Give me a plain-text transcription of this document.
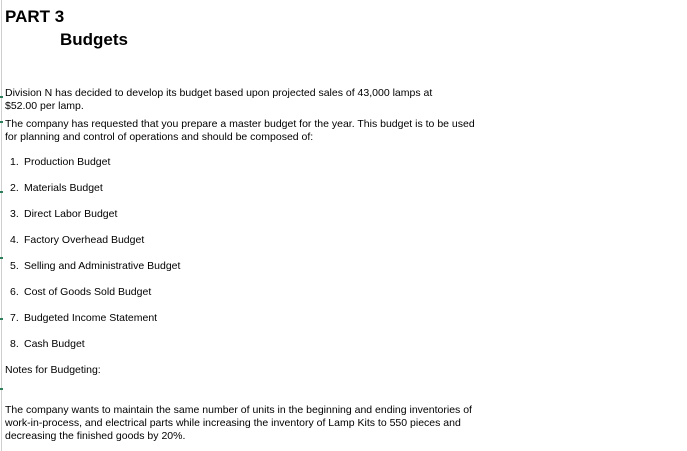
PART 3
Budgets

Division N has decided to develop its budget based upon projected sales of 43,000 lamps at

$52.00 per lamp.

The company has requested that you prepare a master budget for the year. This budget is to be used

for planning and control of operations and should be composed of:

1. Production Budget
2. Materials Budget
3. Direct Labor Budget
4. Factory Overhead Budget
5. Selling and Administrative Budget
6. Cost of Goods Sold Budget
7. Budgeted Income Statement
8. Cash Budget

Notes for Budgeting:

The company wants to maintain the same number of units in the beginning and ending inventories of

work-in-process, and electrical parts while increasing the inventory of Lamp Kits to 550 pieces and

decreasing the finished goods by 20%.
